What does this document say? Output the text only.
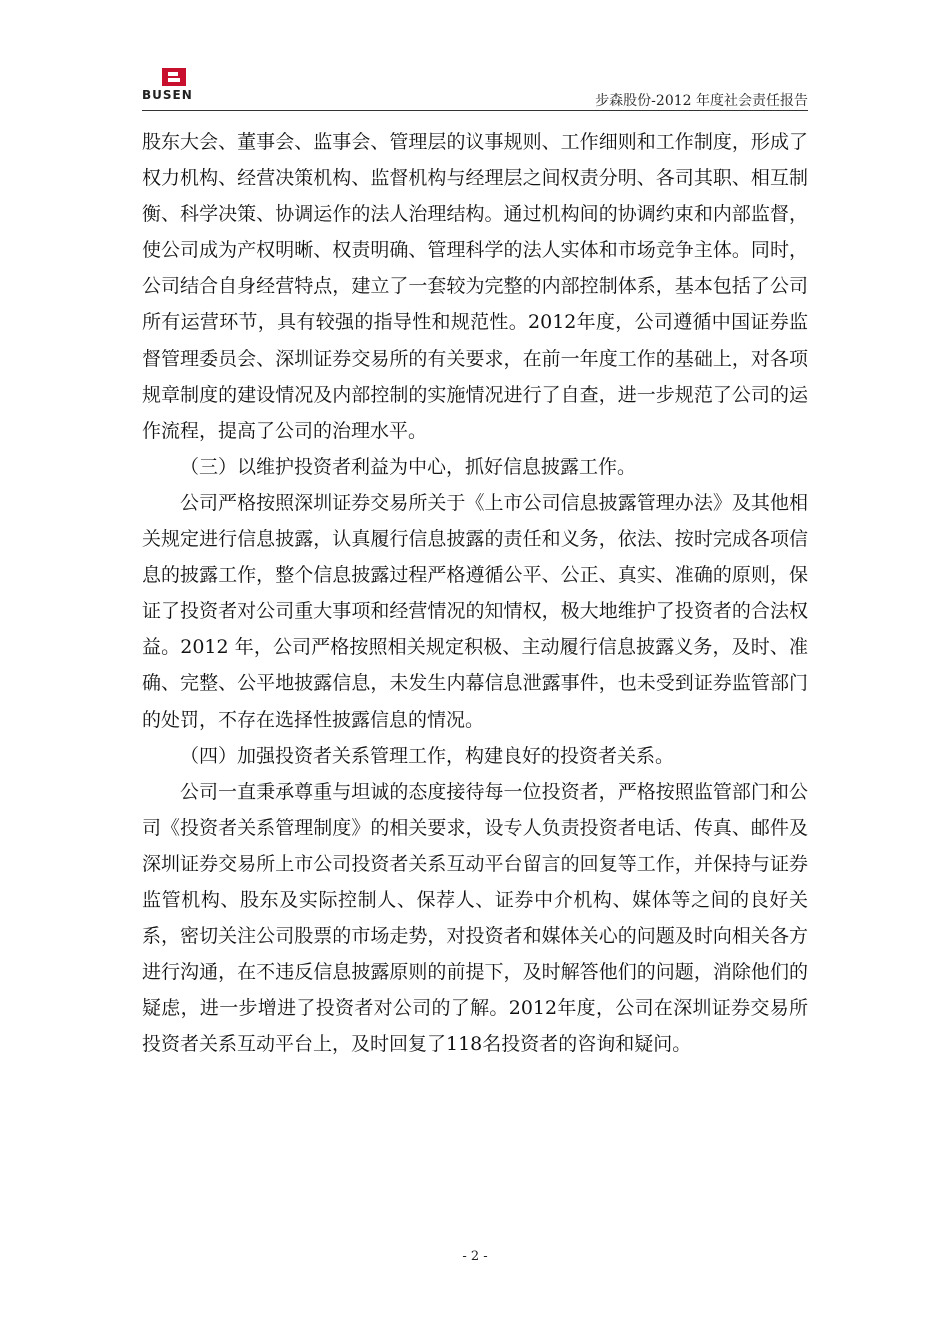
BUSEN	步森股份-2012 年度社会责任报告

股东大会、董事会、监事会、管理层的议事规则、工作细则和工作制度，形成了权力机构、经营决策机构、监督机构与经理层之间权责分明、各司其职、相互制衡、科学决策、协调运作的法人治理结构。通过机构间的协调约束和内部监督，使公司成为产权明晰、权责明确、管理科学的法人实体和市场竞争主体。同时，公司结合自身经营特点，建立了一套较为完整的内部控制体系，基本包括了公司所有运营环节，具有较强的指导性和规范性。2012年度，公司遵循中国证券监督管理委员会、深圳证券交易所的有关要求，在前一年度工作的基础上，对各项规章制度的建设情况及内部控制的实施情况进行了自查，进一步规范了公司的运作流程，提高了公司的治理水平。

（三）以维护投资者利益为中心，抓好信息披露工作。

公司严格按照深圳证券交易所关于《上市公司信息披露管理办法》及其他相关规定进行信息披露，认真履行信息披露的责任和义务，依法、按时完成各项信息的披露工作，整个信息披露过程严格遵循公平、公正、真实、准确的原则，保证了投资者对公司重大事项和经营情况的知情权，极大地维护了投资者的合法权益。2012 年，公司严格按照相关规定积极、主动履行信息披露义务，及时、准确、完整、公平地披露信息，未发生内幕信息泄露事件，也未受到证券监管部门的处罚，不存在选择性披露信息的情况。

（四）加强投资者关系管理工作，构建良好的投资者关系。

公司一直秉承尊重与坦诚的态度接待每一位投资者，严格按照监管部门和公司《投资者关系管理制度》的相关要求，设专人负责投资者电话、传真、邮件及深圳证券交易所上市公司投资者关系互动平台留言的回复等工作，并保持与证券监管机构、股东及实际控制人、保荐人、证券中介机构、媒体等之间的良好关系，密切关注公司股票的市场走势，对投资者和媒体关心的问题及时向相关各方进行沟通，在不违反信息披露原则的前提下，及时解答他们的问题，消除他们的疑虑，进一步增进了投资者对公司的了解。2012年度，公司在深圳证券交易所投资者关系互动平台上，及时回复了118名投资者的咨询和疑问。

- 2 -
